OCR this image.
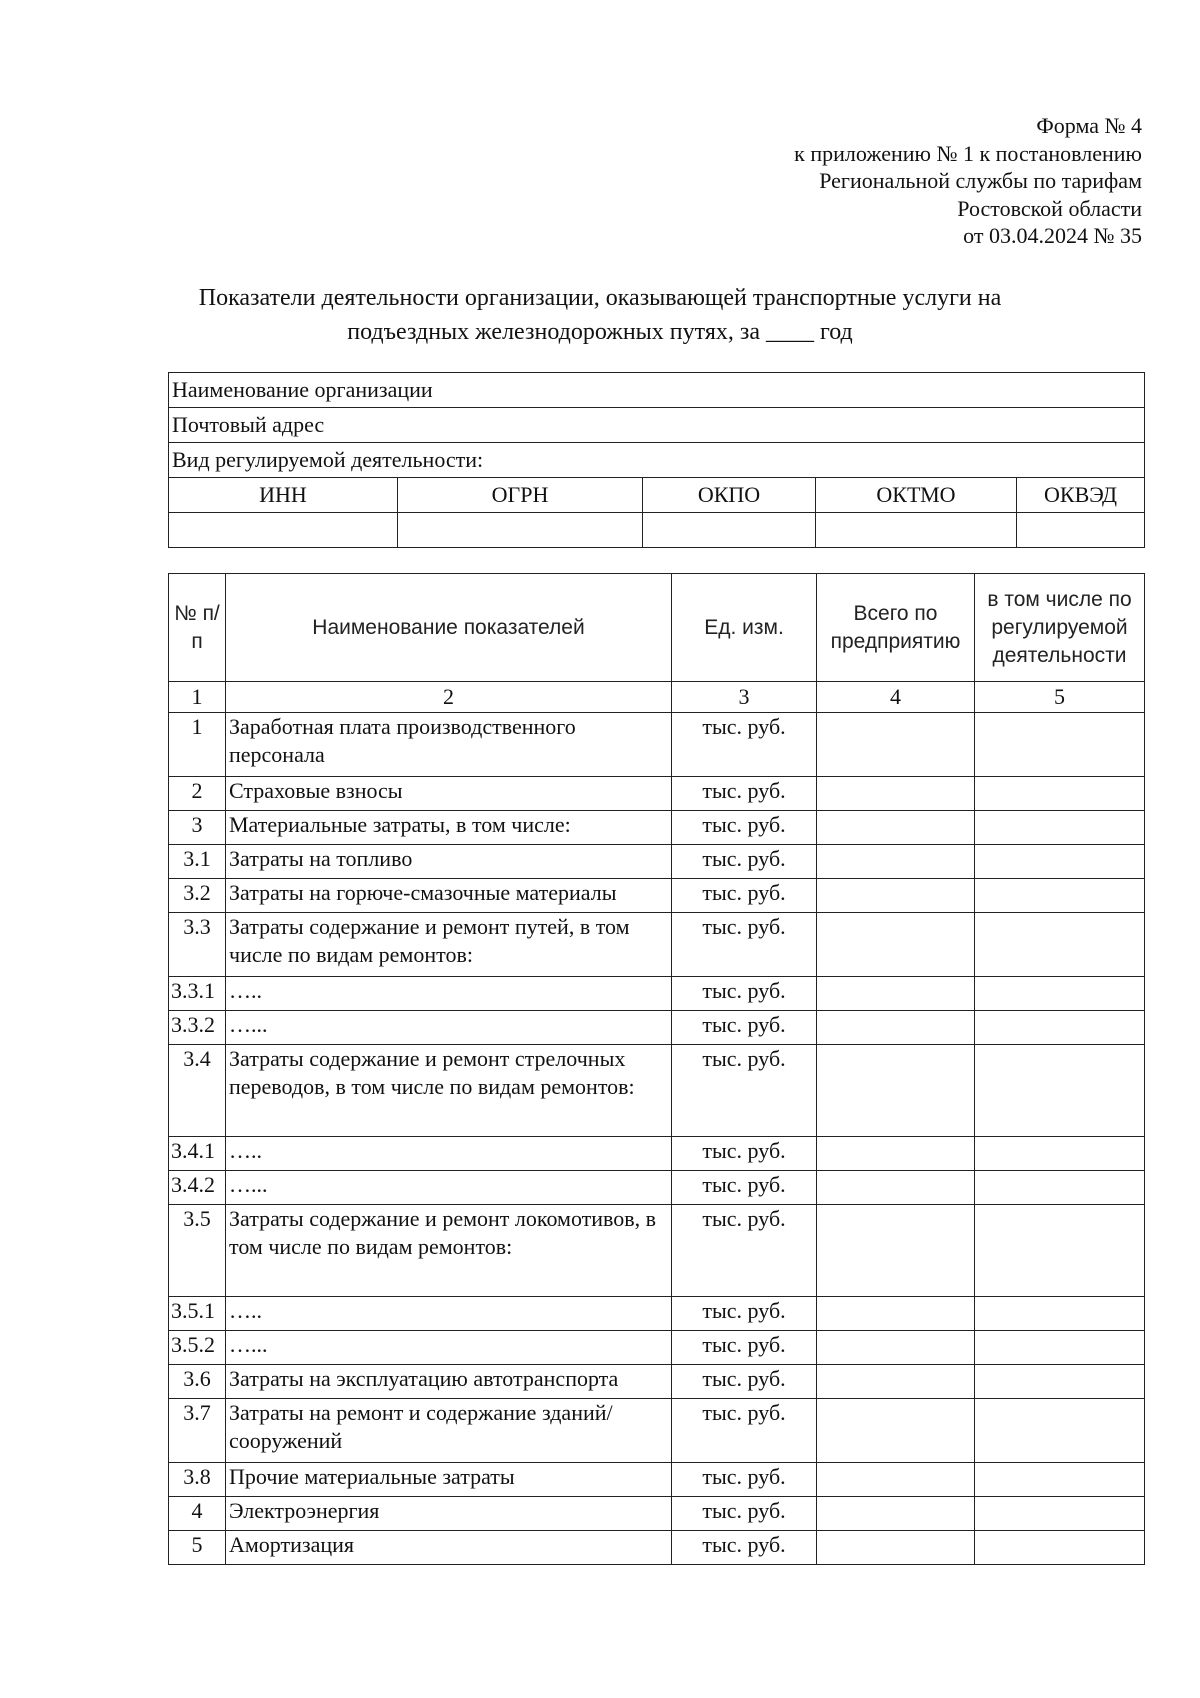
Форма № 4
к приложению № 1 к постановлению
Региональной службы по тарифам
Ростовской области
от 03.04.2024 № 35
Показатели деятельности организации, оказывающей транспортные услуги на
подъездных железнодорожных путях, за ____ год
Наименование организации				
Почтовый адрес				
Вид регулируемой деятельности:				
ИНН	ОГРН	ОКПО	ОКТМО	ОКВЭД

№ п/п	Наименование показателей	Ед. изм.	Всего по предприятию	в том числе по регулируемой деятельности
1	2	3	4	5
1	Заработная плата производственного персонала	тыс. руб.		
2	Страховые взносы	тыс. руб.		
3	Материальные затраты, в том числе:	тыс. руб.		
3.1	Затраты на топливо	тыс. руб.		
3.2	Затраты на горюче-смазочные материалы	тыс. руб.		
3.3	Затраты содержание и ремонт путей, в том числе по видам ремонтов:	тыс. руб.		
3.3.1	…..	тыс. руб.		
3.3.2	…...	тыс. руб.		
3.4	Затраты содержание и ремонт стрелочных переводов, в том числе по видам ремонтов:	тыс. руб.		
3.4.1	…..	тыс. руб.		
3.4.2	…...	тыс. руб.		
3.5	Затраты содержание и ремонт локомотивов, в том числе по видам ремонтов:	тыс. руб.		
3.5.1	…..	тыс. руб.		
3.5.2	…...	тыс. руб.		
3.6	Затраты на эксплуатацию автотранспорта	тыс. руб.		
3.7	Затраты на ремонт и содержание зданий/сооружений	тыс. руб.		
3.8	Прочие материальные затраты	тыс. руб.		
4	Электроэнергия	тыс. руб.		
5	Амортизация	тыс. руб.		
